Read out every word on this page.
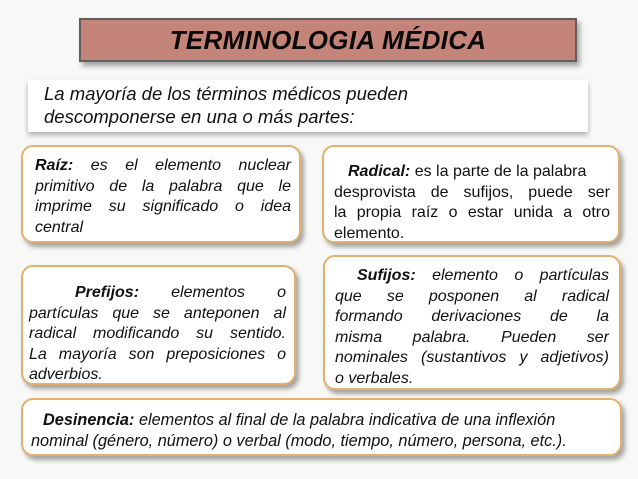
TERMINOLOGIA MÉDICA
La mayoría de los términos médicos pueden
descomponerse en una o más partes:
Raíz: es el elemento nuclear
primitivo de la palabra que le
imprime su significado o idea
central
Radical: es la parte de la palabra
desprovista de sufijos, puede ser
la propia raíz o estar unida a otro
elemento.
Prefijos: elementos o
partículas que se anteponen al
radical modificando su sentido.
La mayoría son preposiciones o
adverbios.
Sufijos: elemento o partículas
que se posponen al radical
formando derivaciones de la
misma palabra. Pueden ser
nominales (sustantivos y adjetivos)
o verbales.
Desinencia: elementos al final de la palabra indicativa de una inflexión
nominal (género, número) o verbal (modo, tiempo, número, persona, etc.).
